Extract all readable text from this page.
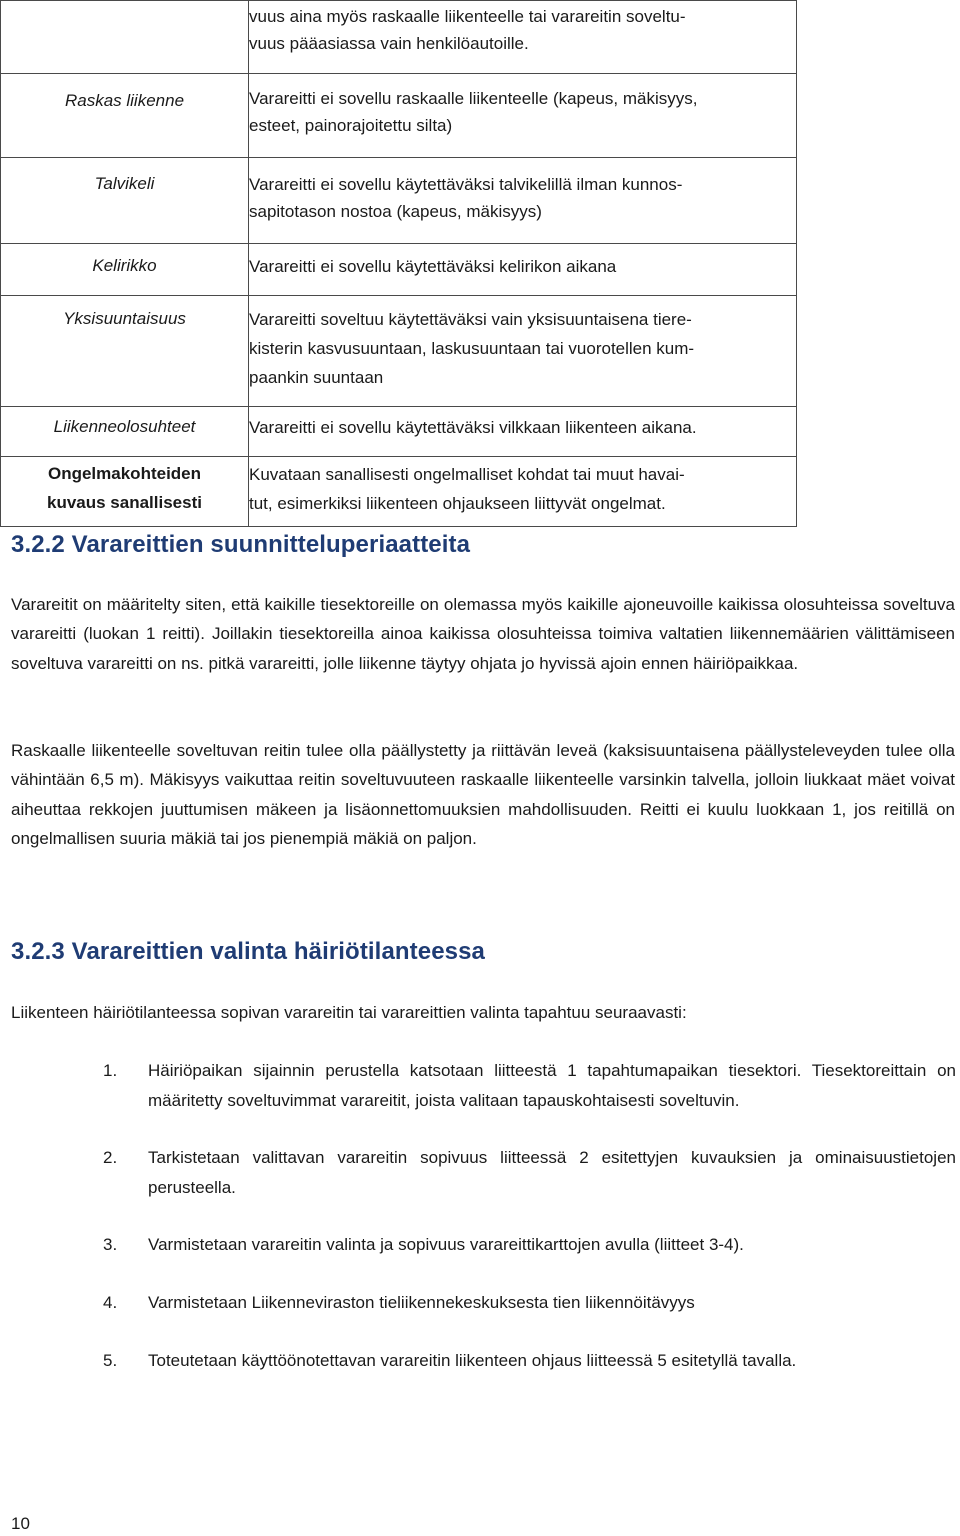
	vuus aina myös raskaalle liikenteelle tai varareitin soveltu-
vuus pääasiassa vain henkilöautoille.

Raskas liikenne	Varareitti ei sovellu raskaalle liikenteelle (kapeus, mäkisyys,
esteet, painorajoitettu silta)

Talvikeli	Varareitti ei sovellu käytettäväksi talvikelillä ilman kunnos-
sapitotason nostoa (kapeus, mäkisyys)

Kelirikko	Varareitti ei sovellu käytettäväksi kelirikon aikana

Yksisuuntaisuus	Varareitti soveltuu käytettäväksi vain yksisuuntaisena tiere-
kisterin kasvusuuntaan, laskusuuntaan tai vuorotellen kum-
paankin suuntaan

Liikenneolosuhteet	Varareitti ei sovellu käytettäväksi vilkkaan liikenteen aikana.

Ongelmakohteiden
kuvaus sanallisesti	Kuvataan sanallisesti ongelmalliset kohdat tai muut havai-
tut, esimerkiksi liikenteen ohjaukseen liittyvät ongelmat.
3.2.2 Varareittien suunnitteluperiaatteita

Varareitit on määritelty siten, että kaikille tiesektoreille on olemassa myös kaikille ajoneuvoille kaikissa olosuhteissa soveltuva varareitti (luokan 1 reitti). Joillakin tiesektoreilla ainoa kaikissa olosuhteissa toimiva valtatien liikennemäärien välittämiseen soveltuva varareitti on ns. pitkä varareitti, jolle liikenne täytyy ohjata jo hyvissä ajoin ennen häiriöpaikkaa.

Raskaalle liikenteelle soveltuvan reitin tulee olla päällystetty ja riittävän leveä (kaksisuuntaisena päällysteleveyden tulee olla vähintään 6,5 m). Mäkisyys vaikuttaa reitin soveltuvuuteen raskaalle liikenteelle varsinkin talvella, jolloin liukkaat mäet voivat aiheuttaa rekkojen juuttumisen mäkeen ja lisäonnettomuuksien mahdollisuuden. Reitti ei kuulu luokkaan 1, jos reitillä on ongelmallisen suuria mäkiä tai jos pienempiä mäkiä on paljon.

3.2.3 Varareittien valinta häiriötilanteessa

Liikenteen häiriötilanteessa sopivan varareitin tai varareittien valinta tapahtuu seuraavasti:

1. Häiriöpaikan sijainnin perustella katsotaan liitteestä 1 tapahtumapaikan tiesektori. Tiesektoreittain on määritetty soveltuvimmat varareitit, joista valitaan tapauskohtaisesti soveltuvin.
2. Tarkistetaan valittavan varareitin sopivuus liitteessä 2 esitettyjen kuvauksien ja ominaisuustietojen perusteella.
3. Varmistetaan varareitin valinta ja sopivuus varareittikarttojen avulla (liitteet 3-4).
4. Varmistetaan Liikenneviraston tieliikennekeskuksesta tien liikennöitävyys
5. Toteutetaan käyttöönotettavan varareitin liikenteen ohjaus liitteessä 5 esitetyllä tavalla.
10
